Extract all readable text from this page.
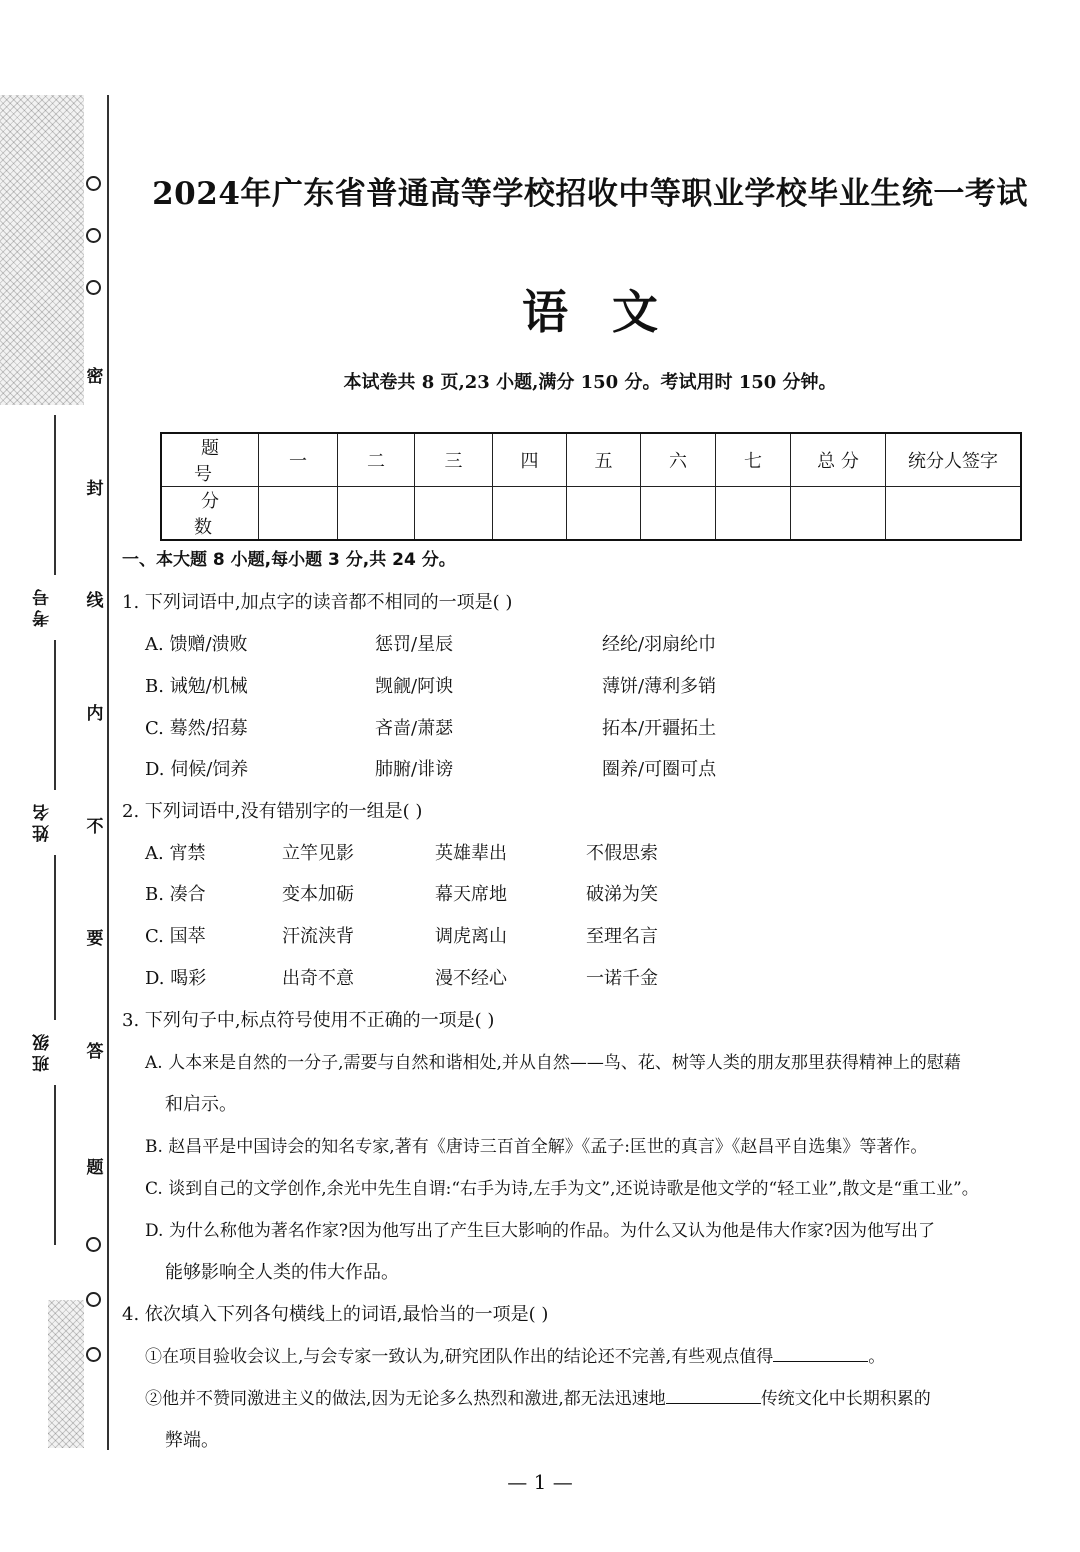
密
封
线
内
不
要
答
题
考号
姓名
班级
2024年广东省普通高等学校招收中等职业学校毕业生统一考试
语文
本试卷共 8 页,23 小题,满分 150 分。考试用时 150 分钟。
题 号	一	二	三	四	五	六	七	总 分	统分人签字
分 数									
一、本大题 8 小题,每小题 3 分,共 24 分。
1. 下列词语中,加点字的读音都不相同的一项是( )
A. 馈赠/溃败	惩罚/星辰	经纶/羽扇纶巾
B. 诫勉/机械	觊觎/阿谀	薄饼/薄利多销
C. 蓦然/招募	吝啬/萧瑟	拓本/开疆拓土
D. 伺候/饲养	肺腑/诽谤	圈养/可圈可点
2. 下列词语中,没有错别字的一组是( )
A. 宵禁	立竿见影	英雄辈出	不假思索
B. 凑合	变本加砺	幕天席地	破涕为笑
C. 国萃	汗流浃背	调虎离山	至理名言
D. 喝彩	出奇不意	漫不经心	一诺千金
3. 下列句子中,标点符号使用不正确的一项是( )
A. 人本来是自然的一分子,需要与自然和谐相处,并从自然——鸟、花、树等人类的朋友那里获得精神上的慰藉
和启示。
B. 赵昌平是中国诗会的知名专家,著有《唐诗三百首全解》《孟子:匡世的真言》《赵昌平自选集》等著作。
C. 谈到自己的文学创作,余光中先生自谓:“右手为诗,左手为文”,还说诗歌是他文学的“轻工业”,散文是“重工业”。
D. 为什么称他为著名作家?因为他写出了产生巨大影响的作品。为什么又认为他是伟大作家?因为他写出了
能够影响全人类的伟大作品。
4. 依次填入下列各句横线上的词语,最恰当的一项是( )
①在项目验收会议上,与会专家一致认为,研究团队作出的结论还不完善,有些观点值得	。
②他并不赞同激进主义的做法,因为无论多么热烈和激进,都无法迅速地	传统文化中长期积累的
弊端。
— 1 —
